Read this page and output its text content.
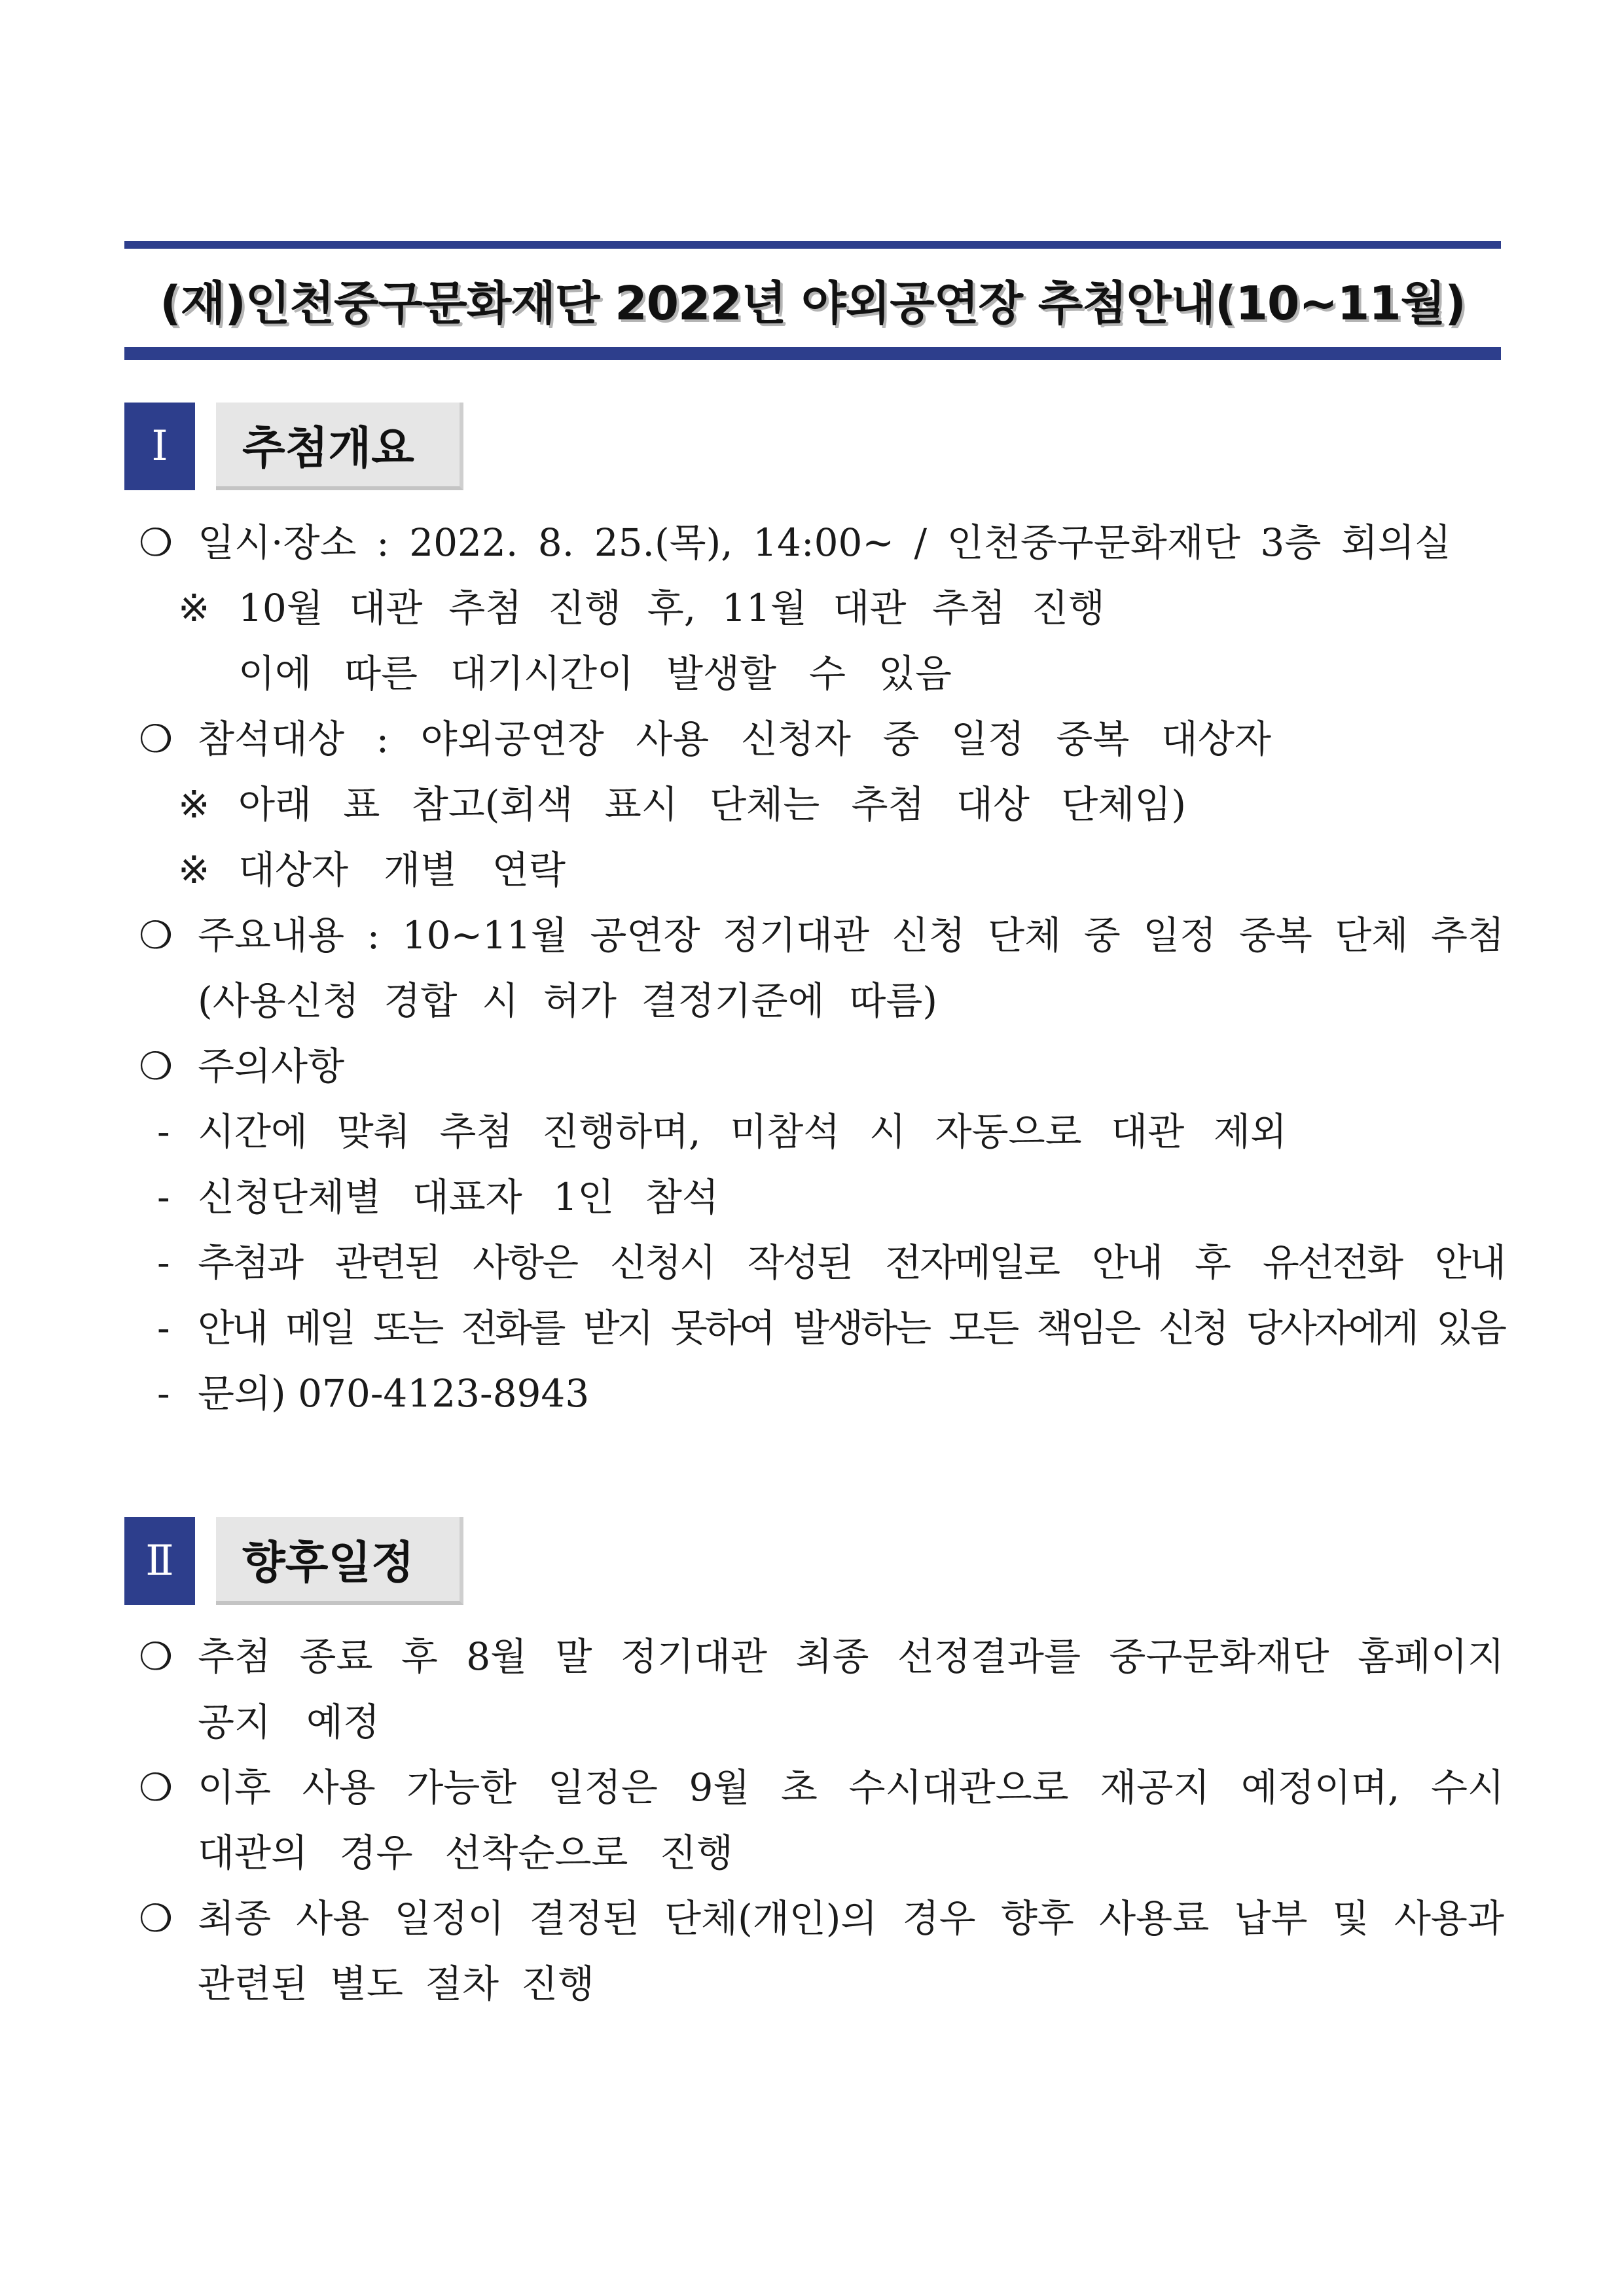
(재)인천중구문화재단 2022년 야외공연장 추첨안내(10~11월)
Ⅰ	추첨개요
❍ 일시·장소 : 2022. 8. 25.(목), 14:00~ / 인천중구문화재단 3층 회의실
※ 10월 대관 추첨 진행 후, 11월 대관 추첨 진행
이에 따른 대기시간이 발생할 수 있음
❍ 참석대상 : 야외공연장 사용 신청자 중 일정 중복 대상자
※ 아래 표 참고(회색 표시 단체는 추첨 대상 단체임)
※ 대상자 개별 연락
❍ 주요내용 : 10~11월 공연장 정기대관 신청 단체 중 일정 중복 단체 추첨
(사용신청 경합 시 허가 결정기준에 따름)
❍ 주의사항
- 시간에 맞춰 추첨 진행하며, 미참석 시 자동으로 대관 제외
- 신청단체별 대표자 1인 참석
- 추첨과 관련된 사항은 신청시 작성된 전자메일로 안내 후 유선전화 안내
- 안내 메일 또는 전화를 받지 못하여 발생하는 모든 책임은 신청 당사자에게 있음
- 문의) 070-4123-8943
Ⅱ	향후일정
❍ 추첨 종료 후 8월 말 정기대관 최종 선정결과를 중구문화재단 홈페이지
공지 예정
❍ 이후 사용 가능한 일정은 9월 초 수시대관으로 재공지 예정이며, 수시
대관의 경우 선착순으로 진행
❍ 최종 사용 일정이 결정된 단체(개인)의 경우 향후 사용료 납부 및 사용과
관련된 별도 절차 진행
